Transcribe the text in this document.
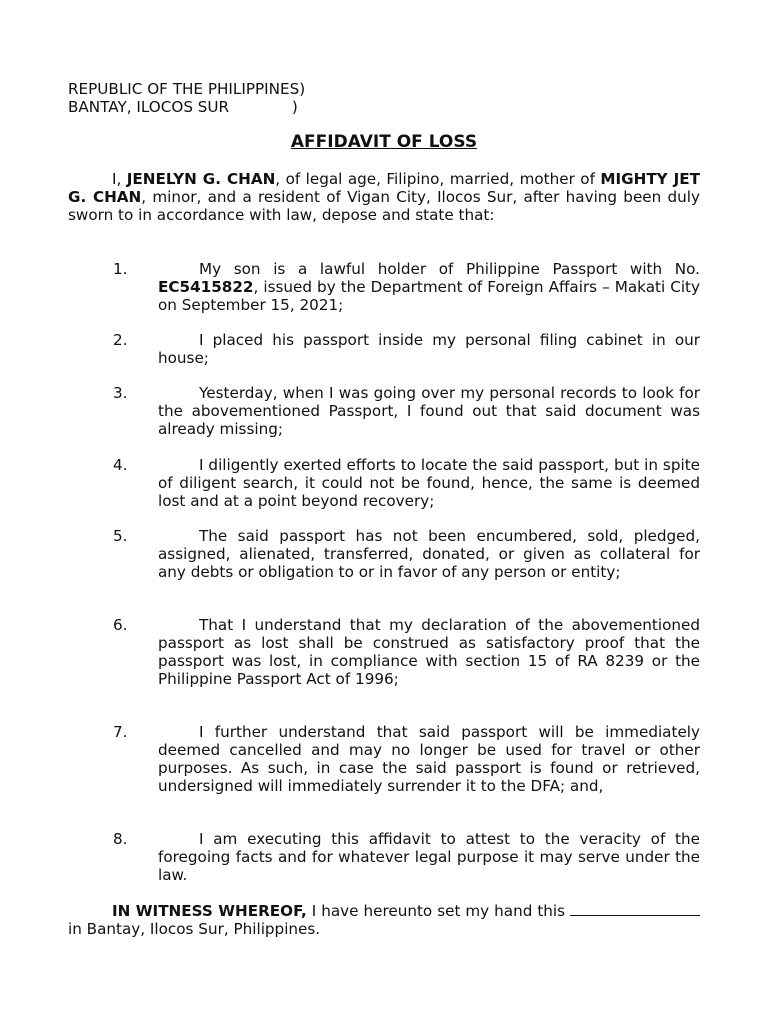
REPUBLIC OF THE PHILIPPINES)
BANTAY, ILOCOS SUR             )
AFFIDAVIT OF LOSS
I, JENELYN G. CHAN, of legal age, Filipino, married, mother of MIGHTY JET G. CHAN, minor, and a resident of Vigan City, Ilocos Sur, after having been duly sworn to in accordance with law, depose and state that:
1.	My son is a lawful holder of Philippine Passport with No. EC5415822, issued by the Department of Foreign Affairs – Makati City on September 15, 2021;
2.	I placed his passport inside my personal filing cabinet in our house;
3.	Yesterday, when I was going over my personal records to look for the abovementioned Passport, I found out that said document was already missing;
4.	I diligently exerted efforts to locate the said passport, but in spite of diligent search, it could not be found, hence, the same is deemed lost and at a point beyond recovery;
5.	The said passport has not been encumbered, sold, pledged, assigned, alienated, transferred, donated, or given as collateral for any debts or obligation to or in favor of any person or entity;
6.	That I understand that my declaration of the abovementioned passport as lost shall be construed as satisfactory proof that the passport was lost, in compliance with section 15 of RA 8239 or the Philippine Passport Act of 1996;
7.	I further understand that said passport will be immediately deemed cancelled and may no longer be used for travel or other purposes. As such, in case the said passport is found or retrieved, undersigned will immediately surrender it to the DFA; and,
8.	I am executing this affidavit to attest to the veracity of the foregoing facts and for whatever legal purpose it may serve under the law.
IN WITNESS WHEREOF, I have hereunto set my hand this  in Bantay, Ilocos Sur, Philippines.
